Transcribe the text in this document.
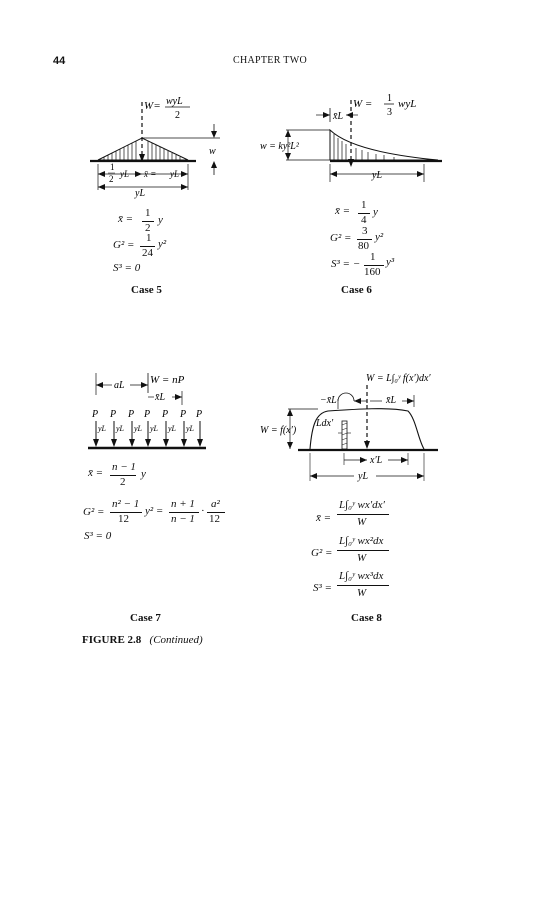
44	CHAPTER TWO
W = wyL
2
w
1
2 yL x̄ = yL
yL
x̄ = 1
2
y
G² =
1
24
y²
S³ = 0
Case 5
W = 1
3
wyL
x̄L
w = ky²L²
yL
x̄ = 1
4
y
G² =
3
80
y²
S³ = −
1
160
y³
Case 6
W = nP
aL
x̄L
P
yL
P
yL
P
yL
P
yL
P
yL
P
yL
P
x̄ = n − 1
2
y
G² =
n² − 1
12
y² =
n + 1
n − 1
·
a²
12
S³ = 0
Case 7
W = L∫₀ʸ f(x′)dx′
−x̄L	x̄L
W = f(x′)
Ldx′
x′L
yL
x̄ =
L∫₀ʸ wx′dx′
W
G² =
L∫₀ʸ wx²dx
W
S³ =
L∫₀ʸ wx³dx
W
Case 8
FIGURE 2.8 (Continued)
